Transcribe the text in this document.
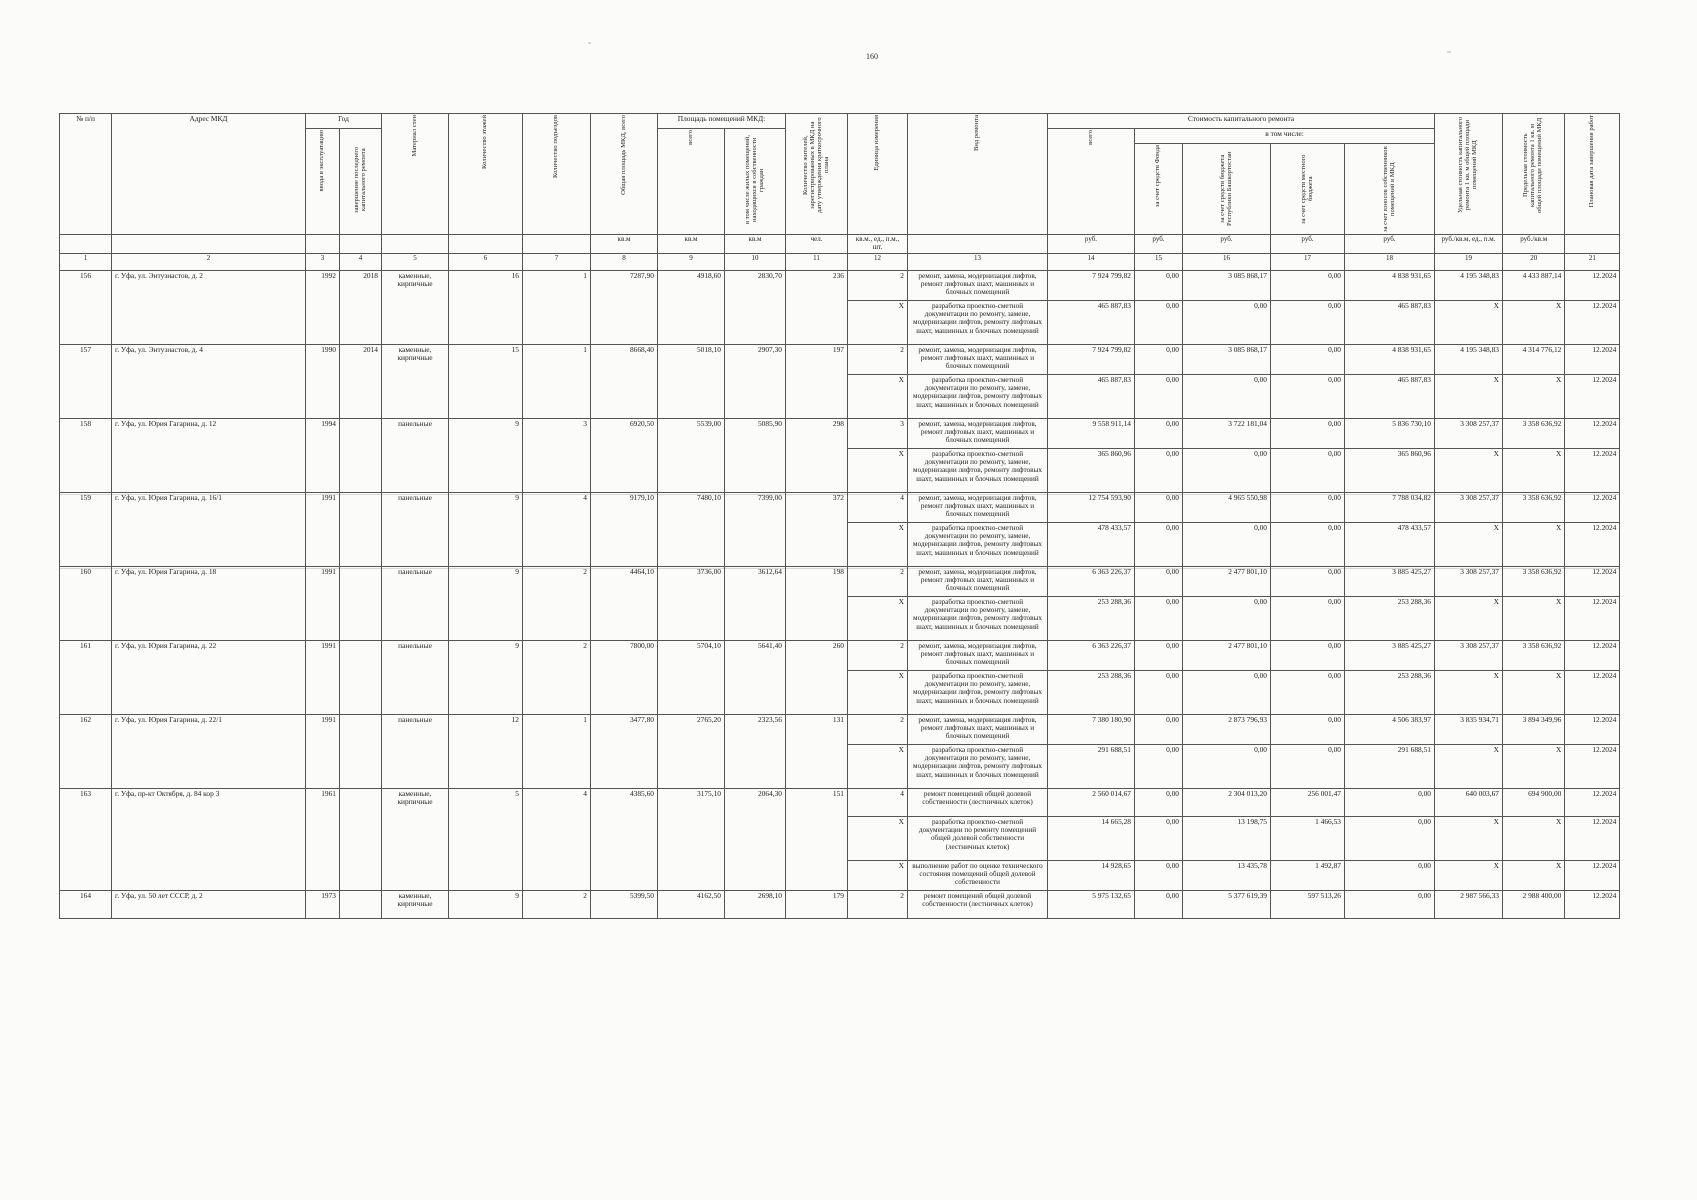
160
№ п/п	Адрес МКД	Год		Материал стен	Количество этажей	Количество подъездов	Общая площадь МКД, всего	Площадь помещений МКД:		Количество жителей, зарегистрированных в МКД на дату утверждения краткосрочного плана	Единица измерения	Вид ремонта	Стоимость капитального ремонта					Удельная стоимость капитального ремонта 1 кв. м общей площади помещений МКД	Предельная стоимость капитального ремонта 1 кв. м общей площади помещений МКД	Плановая дата завершения работ

		ввода в эксплуатацию	завершение последнего капитального ремонта					всего	в том числе жилых помещений, находящихся в собственности граждан				всего	в том числе:						

														за счет средств Фонда	за счет средств бюджета Республики Башкортостан	за счет средств местного бюджета	за счет взносов собственников помещений в МКД			

							кв.м	кв.м	кв.м	чел.	кв.м., ед., п.м., шт.		руб.	руб.	руб.	руб.	руб.	руб./кв.м, ед., п.м.	руб./кв.м	
1	2	3	4	5	6	7	8	9	10	11	12	13	14	15	16	17	18	19	20	21
156	г. Уфа, ул. Энтузиастов, д. 2	1992	2018	каменные, кирпичные	16	1	7287,90	4918,60	2830,70	236	2	ремонт, замена, модернизация лифтов, ремонт лифтовых шахт, машинных и блочных помещений	7 924 799,82	0,00	3 085 868,17	0,00	4 838 931,65	4 195 348,83	4 433 887,14	12.2024
											X	разработка проектно-сметной документации по ремонту, замене, модернизации лифтов, ремонту лифтовых шахт, машинных и блочных помещений	465 887,83	0,00	0,00	0,00	465 887,83	X	X	12.2024
157	г. Уфа, ул. Энтузиастов, д. 4	1990	2014	каменные, кирпичные	15	1	8668,40	5018,10	2907,30	197	2	ремонт, замена, модернизация лифтов, ремонт лифтовых шахт, машинных и блочных помещений	7 924 799,82	0,00	3 085 868,17	0,00	4 838 931,65	4 195 348,83	4 314 776,12	12.2024
											X	разработка проектно-сметной документации по ремонту, замене, модернизации лифтов, ремонту лифтовых шахт, машинных и блочных помещений	465 887,83	0,00	0,00	0,00	465 887,83	X	X	12.2024
158	г. Уфа, ул. Юрия Гагарина, д. 12	1994		панельные	9	3	6920,50	5539,00	5085,90	298	3	ремонт, замена, модернизация лифтов, ремонт лифтовых шахт, машинных и блочных помещений	9 558 911,14	0,00	3 722 181,04	0,00	5 836 730,10	3 308 257,37	3 358 636,92	12.2024
											X	разработка проектно-сметной документации по ремонту, замене, модернизации лифтов, ремонту лифтовых шахт, машинных и блочных помещений	365 860,96	0,00	0,00	0,00	365 860,96	X	X	12.2024
159	г. Уфа, ул. Юрия Гагарина, д. 16/1	1991		панельные	9	4	9179,10	7480,10	7399,00	372	4	ремонт, замена, модернизация лифтов, ремонт лифтовых шахт, машинных и блочных помещений	12 754 593,90	0,00	4 965 550,98	0,00	7 788 034,82	3 308 257,37	3 358 636,92	12.2024
											X	разработка проектно-сметной документации по ремонту, замене, модернизации лифтов, ремонту лифтовых шахт, машинных и блочных помещений	478 433,57	0,00	0,00	0,00	478 433,57	X	X	12.2024
160	г. Уфа, ул. Юрия Гагарина, д. 18	1991		панельные	9	2	4464,10	3736,00	3612,64	198	2	ремонт, замена, модернизация лифтов, ремонт лифтовых шахт, машинных и блочных помещений	6 363 226,37	0,00	2 477 801,10	0,00	3 885 425,27	3 308 257,37	3 358 636,92	12.2024
											X	разработка проектно-сметной документации по ремонту, замене, модернизации лифтов, ремонту лифтовых шахт, машинных и блочных помещений	253 288,36	0,00	0,00	0,00	253 288,36	X	X	12.2024
161	г. Уфа, ул. Юрия Гагарина, д. 22	1991		панельные	9	2	7800,00	5704,10	5641,40	260	2	ремонт, замена, модернизация лифтов, ремонт лифтовых шахт, машинных и блочных помещений	6 363 226,37	0,00	2 477 801,10	0,00	3 885 425,27	3 308 257,37	3 358 636,92	12.2024
											X	разработка проектно-сметной документации по ремонту, замене, модернизации лифтов, ремонту лифтовых шахт, машинных и блочных помещений	253 288,36	0,00	0,00	0,00	253 288,36	X	X	12.2024
162	г. Уфа, ул. Юрия Гагарина, д. 22/1	1991		панельные	12	1	3477,80	2765,20	2323,56	131	2	ремонт, замена, модернизация лифтов, ремонт лифтовых шахт, машинных и блочных помещений	7 380 180,90	0,00	2 873 796,93	0,00	4 506 383,97	3 835 934,71	3 894 349,96	12.2024
											X	разработка проектно-сметной документации по ремонту, замене, модернизации лифтов, ремонту лифтовых шахт, машинных и блочных помещений	291 688,51	0,00	0,00	0,00	291 688,51	X	X	12.2024
163	г. Уфа, пр-кт Октября, д. 84 кор 3	1961		каменные, кирпичные	5	4	4385,60	3175,10	2064,30	151	4	ремонт помещений общей долевой собственности (лестничных клеток)	2 560 014,67	0,00	2 304 013,20	256 001,47	0,00	640 003,67	694 900,00	12.2024
											X	разработка проектно-сметной документации по ремонту помещений общей долевой собственности (лестничных клеток)	14 665,28	0,00	13 198,75	1 466,53	0,00	X	X	12.2024
											X	выполнение работ по оценке технического состояния помещений общей долевой собственности	14 928,65	0,00	13 435,78	1 492,87	0,00	X	X	12.2024
164	г. Уфа, ул. 50 лет СССР, д. 2	1973		каменные, кирпичные	9	2	5399,50	4162,50	2698,10	179	2	ремонт помещений общей долевой собственности (лестничных клеток)	5 975 132,65	0,00	5 377 619,39	597 513,26	0,00	2 987 566,33	2 988 400,00	12.2024
